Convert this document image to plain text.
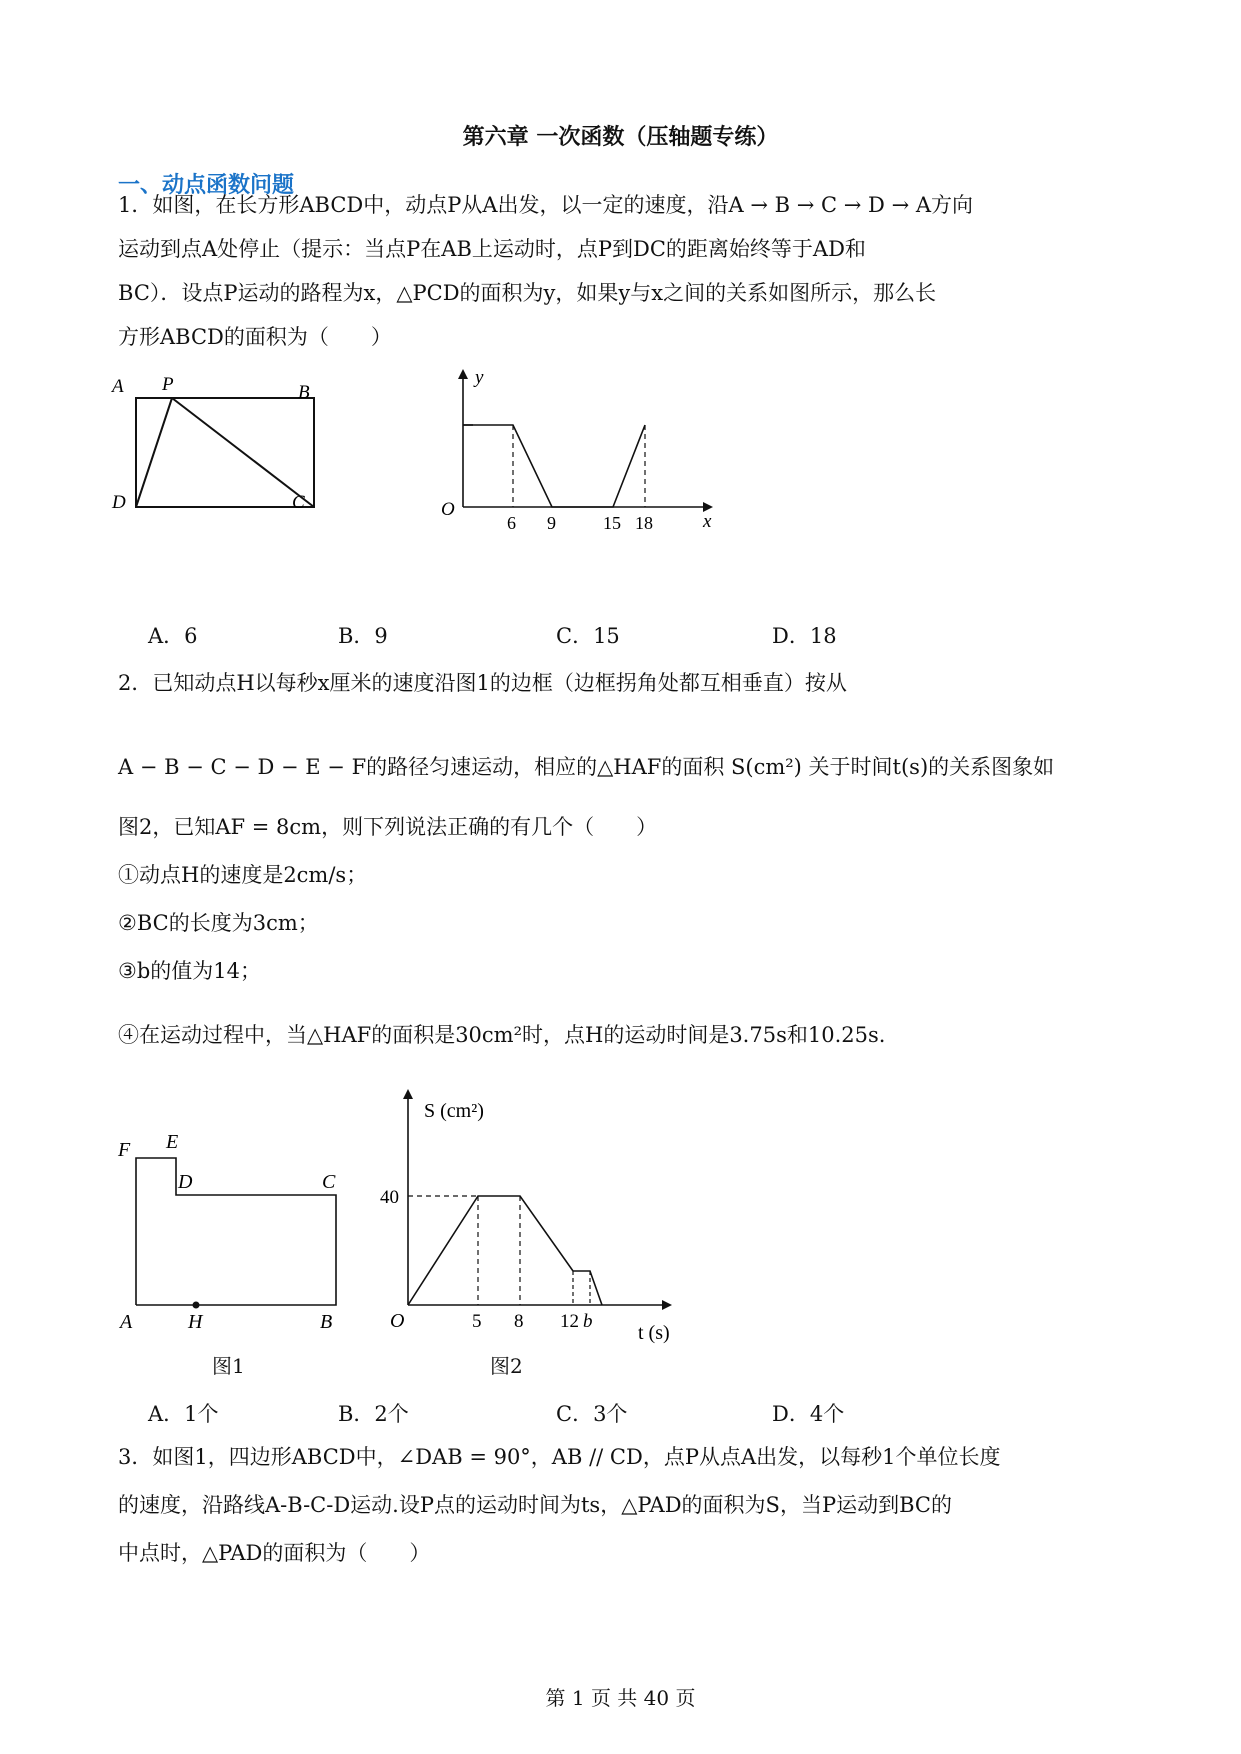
第六章 一次函数（压轴题专练）
一、动点函数问题
1．如图，在长方形ABCD中，动点P从A出发，以一定的速度，沿A → B → C → D → A方向
运动到点A处停止（提示：当点P在AB上运动时，点P到DC的距离始终等于AD和
BC）．设点P运动的路程为x，△PCD的面积为y，如果y与x之间的关系如图所示，那么长
方形ABCD的面积为（　　）
A P	B
D	C
y
O
6 9	15 18	x
A．6	B．9	C．15	D．18
2．已知动点H以每秒x厘米的速度沿图1的边框（边框拐角处都互相垂直）按从
A − B − C − D − E − F的路径匀速运动，相应的△HAF的面积 S(cm²) 关于时间t(s)的关系图象如
图2，已知AF = 8cm，则下列说法正确的有几个（　　）
①动点H的速度是2cm/s；
②BC的长度为3cm；
③b的值为14；
④在运动过程中，当△HAF的面积是30cm²时，点H的运动时间是3.75s和10.25s.
F E
D	C
A	H	B
图1
S (cm²)
40
O	5 8 12 b
t (s)
图2
A．1个	B．2个	C．3个	D．4个
3．如图1，四边形ABCD中，∠DAB = 90°，AB // CD，点P从点A出发，以每秒1个单位长度
的速度，沿路线A-B-C-D运动.设P点的运动时间为ts，△PAD的面积为S，当P运动到BC的
中点时，△PAD的面积为（　　）
第 1 页 共 40 页
